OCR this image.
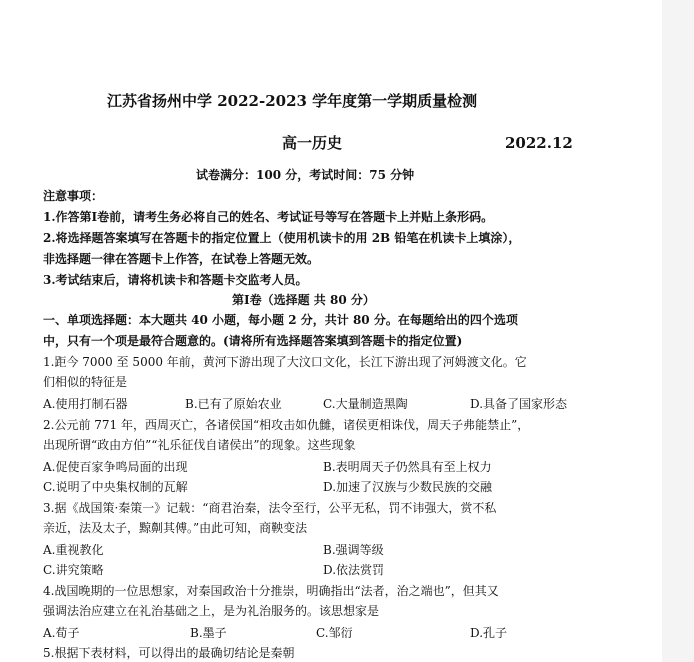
江苏省扬州中学 2022-2023 学年度第一学期质量检测
高一历史	2022.12
试卷满分：100 分，考试时间：75 分钟
注意事项：
1.作答第Ⅰ卷前，请考生务必将自己的姓名、考试证号等写在答题卡上并贴上条形码。
2.将选择题答案填写在答题卡的指定位置上（使用机读卡的用 2B 铅笔在机读卡上填涂），
非选择题一律在答题卡上作答，在试卷上答题无效。
3.考试结束后，请将机读卡和答题卡交监考人员。
第Ⅰ卷（选择题 共 80 分）
一、单项选择题：本大题共 40 小题，每小题 2 分，共计 80 分。在每题给出的四个选项
中，只有一个项是最符合题意的。(请将所有选择题答案填到答题卡的指定位置)
1.距今 7000 至 5000 年前，黄河下游出现了大汶口文化，长江下游出现了河姆渡文化。它
们相似的特征是
A.使用打制石器	B.已有了原始农业	C.大量制造黑陶	D.具备了国家形态
2.公元前 771 年，西周灭亡，各诸侯国“相攻击如仇雠，诸侯更相诛伐，周天子弗能禁止”，
出现所谓“政由方伯”“礼乐征伐自诸侯出”的现象。这些现象
A.促使百家争鸣局面的出现	B.表明周天子仍然具有至上权力
C.说明了中央集权制的瓦解	D.加速了汉族与少数民族的交融
3.据《战国策·秦策一》记载：“商君治秦，法令至行，公平无私，罚不讳强大，赏不私
亲近，法及太子，黥劓其傅。”由此可知，商鞅变法
A.重视教化	B.强调等级
C.讲究策略	D.依法赏罚
4.战国晚期的一位思想家，对秦国政治十分推崇，明确指出“法者，治之端也”，但其又
强调法治应建立在礼治基础之上，是为礼治服务的。该思想家是
A.荀子	B.墨子	C.邹衍	D.孔子
5.根据下表材料，可以得出的最确切结论是秦朝
